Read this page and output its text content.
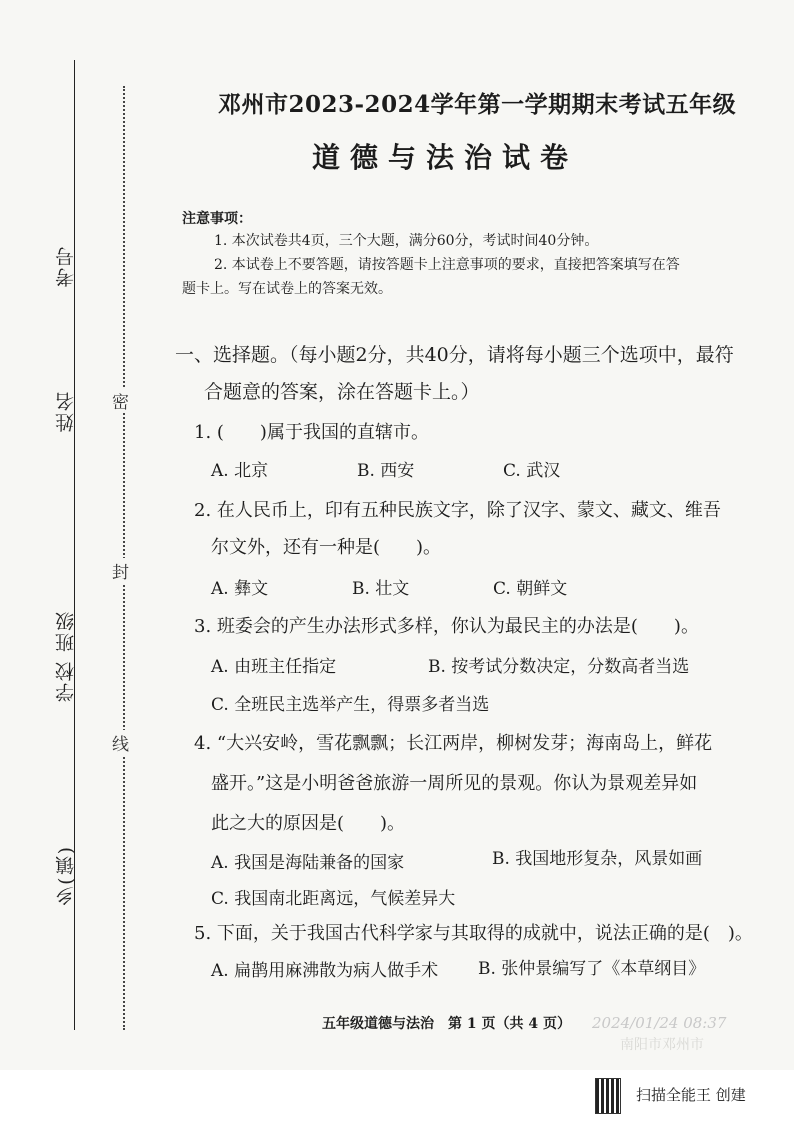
考号
姓名
班级
学校
乡(镇)
密
封
线
邓州市2023-2024学年第一学期期末考试五年级
道德与法治试卷
注意事项：
1. 本次试卷共4页，三个大题，满分60分，考试时间40分钟。
2. 本试卷上不要答题，请按答题卡上注意事项的要求，直接把答案填写在答
题卡上。写在试卷上的答案无效。
一、选择题。（每小题2分，共40分，请将每小题三个选项中，最符
合题意的答案，涂在答题卡上。）
1. (　　)属于我国的直辖市。
A. 北京	B. 西安	C. 武汉
2. 在人民币上，印有五种民族文字，除了汉字、蒙文、藏文、维吾
尔文外，还有一种是(　　)。
A. 彝文	B. 壮文	C. 朝鲜文
3. 班委会的产生办法形式多样，你认为最民主的办法是(　　)。
A. 由班主任指定	B. 按考试分数决定，分数高者当选
C. 全班民主选举产生，得票多者当选
4. “大兴安岭，雪花飘飘；长江两岸，柳树发芽；海南岛上，鲜花
盛开。”这是小明爸爸旅游一周所见的景观。你认为景观差异如
此之大的原因是(　　)。
A. 我国是海陆兼备的国家	B. 我国地形复杂，风景如画
C. 我国南北距离远，气候差异大
5. 下面，关于我国古代科学家与其取得的成就中，说法正确的是(　)。
A. 扁鹊用麻沸散为病人做手术 B. 张仲景编写了《本草纲目》
五年级道德与法治　第 1 页（共 4 页） 2024/01/24 08:37
南阳市邓州市
扫描全能王 创建
